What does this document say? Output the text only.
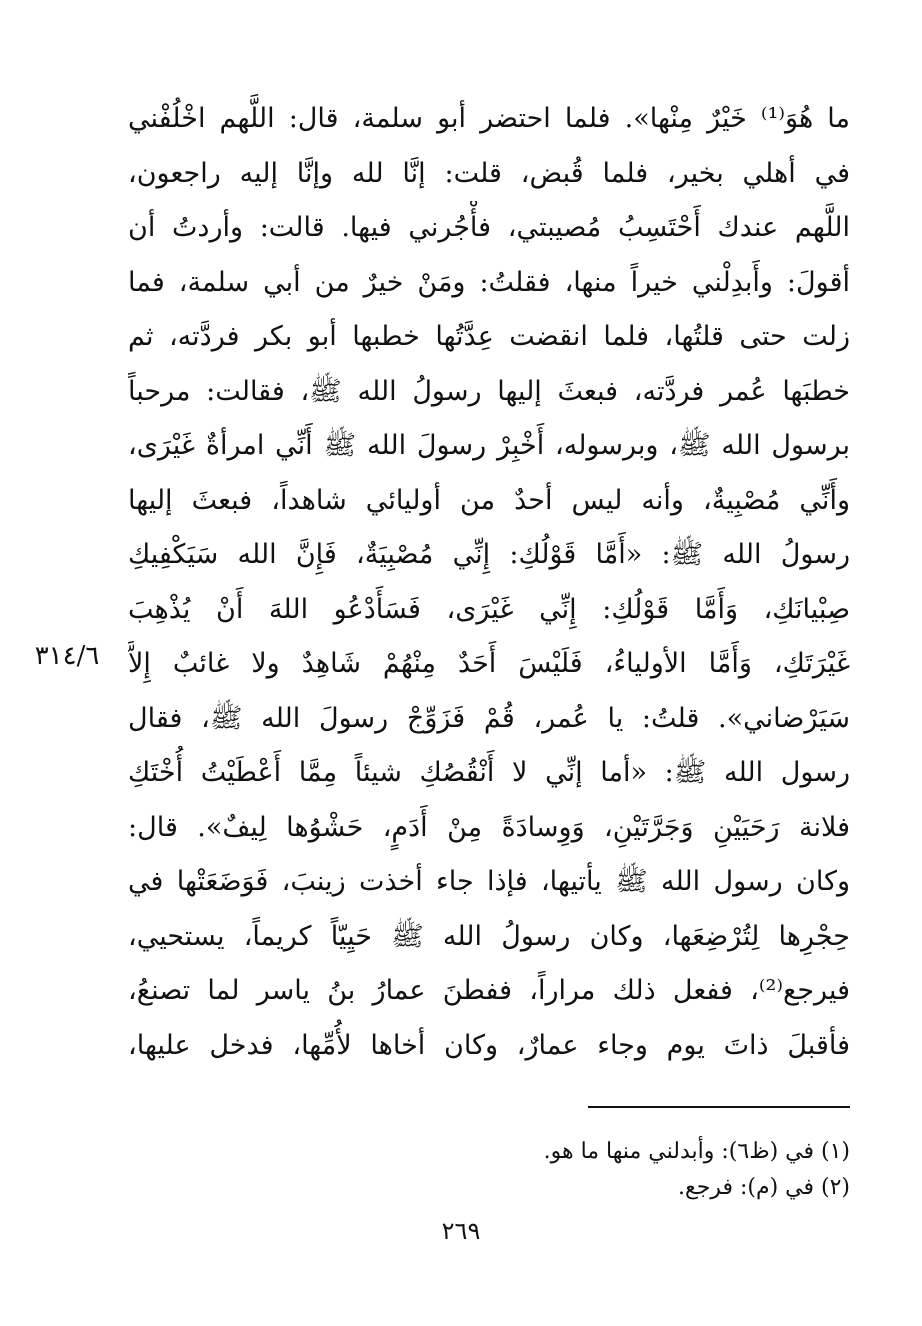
ما هُوَ⁽¹⁾ خَيْرٌ مِنْها». فلما احتضر أبو سلمة، قال: اللَّهم اخْلُفْني
في أهلي بخير، فلما قُبض، قلت: إنَّا لله وإنَّا إليه راجعون،
اللَّهم عندك أَحْتَسِبُ مُصيبتي، فأْجُرني فيها. قالت: وأردتُ أن
أقولَ: وأَبدِلْني خيراً منها، فقلتُ: ومَنْ خيرٌ من أبي سلمة، فما
زلت حتى قلتُها، فلما انقضت عِدَّتُها خطبها أبو بكر فردَّته، ثم
خطبَها عُمر فردَّته، فبعثَ إليها رسولُ الله ﷺ، فقالت: مرحباً
برسول الله ﷺ، وبرسوله، أَخْبِرْ رسولَ الله ﷺ أَنِّي امرأةٌ غَيْرَى،
وأَنِّي مُصْبِيةٌ، وأنه ليس أحدٌ من أوليائي شاهداً، فبعثَ إليها
رسولُ الله ﷺ: «أَمَّا قَوْلُكِ: إِنِّي مُصْبِيَةٌ، فَإِنَّ الله سَيَكْفِيكِ
صِبْيانَكِ، وَأَمَّا قَوْلُكِ: إِنِّي غَيْرَى، فَسَأَدْعُو اللهَ أَنْ يُذْهِبَ
غَيْرَتَكِ، وَأَمَّا الأولياءُ، فَلَيْسَ أَحَدٌ مِنْهُمْ شَاهِدٌ ولا غائبٌ إِلاَّ
سَيَرْضاني». قلتُ: يا عُمر، قُمْ فَزَوِّجْ رسولَ الله ﷺ، فقال
رسول الله ﷺ: «أما إنِّي لا أَنْقُصُكِ شيئاً مِمَّا أَعْطَيْتُ أُخْتَكِ
فلانة رَحَيَيْنِ وَجَرَّتَيْنِ، وَوِسادَةً مِنْ أَدَمٍ، حَشْوُها لِيفٌ». قال:
وكان رسول الله ﷺ يأتيها، فإذا جاء أخذت زينبَ، فَوَضَعَتْها في
حِجْرِها لِتُرْضِعَها، وكان رسولُ الله ﷺ حَيِيّاً كريماً، يستحيي،
فيرجع⁽²⁾، ففعل ذلك مراراً، ففطنَ عمارُ بنُ ياسر لما تصنعُ،
فأقبلَ ذاتَ يوم وجاء عمارٌ، وكان أخاها لأُمِّها، فدخل عليها،
٣١٤/٦
(١) في (ظ٦): وأبدلني منها ما هو.
(٢) في (م): فرجع.
٢٦٩
